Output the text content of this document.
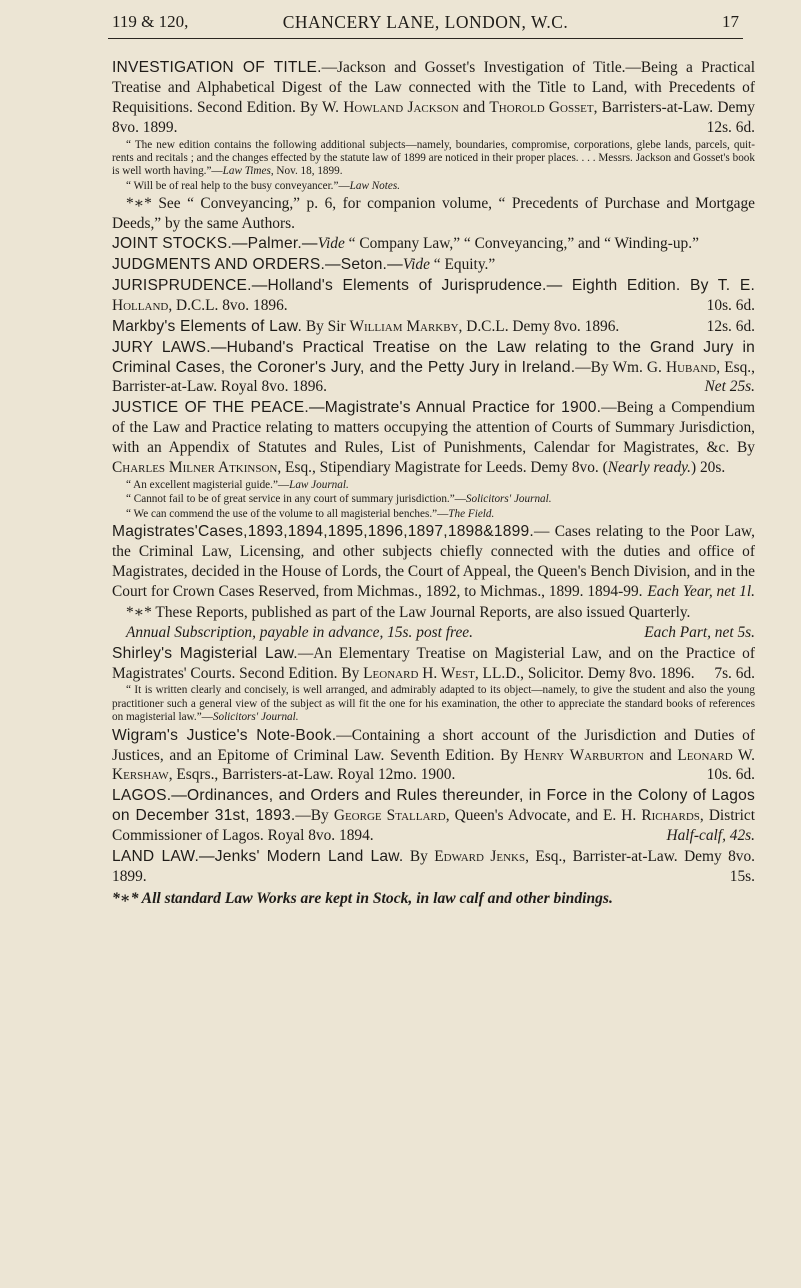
119 & 120,	CHANCERY LANE, LONDON, W.C.	17

INVESTIGATION OF TITLE.—Jackson and Gosset's Investigation of Title.—Being a Practical Treatise and Alphabetical Digest of the Law connected with the Title to Land, with Precedents of Requisitions. Second Edition. By W. Howland Jackson and Thorold Gosset, Barristers-at-Law. Demy 8vo. 1899.	12s. 6d.

“ The new edition contains the following additional subjects—namely, boundaries, compromise, corporations, glebe lands, parcels, quit-rents and recitals ; and the changes effected by the statute law of 1899 are noticed in their proper places. . . . Messrs. Jackson and Gosset's book is well worth having.”—Law Times, Nov. 18, 1899.

“ Will be of real help to the busy conveyancer.”—Law Notes.

*∗* See “ Conveyancing,” p. 6, for companion volume, “ Precedents of Purchase and Mortgage Deeds,” by the same Authors.

JOINT STOCKS.—Palmer.—Vide “ Company Law,” “ Conveyancing,” and “ Winding-up.”

JUDGMENTS AND ORDERS.—Seton.—Vide “ Equity.”

JURISPRUDENCE.—Holland's Elements of Jurisprudence.— Eighth Edition. By T. E. Holland, D.C.L. 8vo. 1896.	10s. 6d.

Markby's Elements of Law. By Sir William Markby, D.C.L. Demy 8vo. 1896.	12s. 6d.

JURY LAWS.—Huband's Practical Treatise on the Law relating to the Grand Jury in Criminal Cases, the Coroner's Jury, and the Petty Jury in Ireland.—By Wm. G. Huband, Esq., Barrister-at-Law. Royal 8vo. 1896.	Net 25s.

JUSTICE OF THE PEACE.—Magistrate's Annual Practice for 1900.—Being a Compendium of the Law and Practice relating to matters occupying the attention of Courts of Summary Jurisdiction, with an Appendix of Statutes and Rules, List of Punishments, Calendar for Magistrates, &c. By Charles Milner Atkinson, Esq., Stipendiary Magistrate for Leeds. Demy 8vo. (Nearly ready.) 20s.

“ An excellent magisterial guide.”—Law Journal.

“ Cannot fail to be of great service in any court of summary jurisdiction.”—Solicitors' Journal.

“ We can commend the use of the volume to all magisterial benches.”—The Field.

Magistrates'Cases,1893,1894,1895,1896,1897,1898&1899.— Cases relating to the Poor Law, the Criminal Law, Licensing, and other subjects chiefly connected with the duties and office of Magistrates, decided in the House of Lords, the Court of Appeal, the Queen's Bench Division, and in the Court for Crown Cases Reserved, from Michmas., 1892, to Michmas., 1899. 1894-99. Each Year, net 1l.

*∗* These Reports, published as part of the Law Journal Reports, are also issued Quarterly.
Each Part, net 5s.

Annual Subscription, payable in advance, 15s. post free.

Shirley's Magisterial Law.—An Elementary Treatise on Magisterial Law, and on the Practice of Magistrates' Courts. Second Edition. By Leonard H. West, LL.D., Solicitor. Demy 8vo. 1896. 7s. 6d.

“ It is written clearly and concisely, is well arranged, and admirably adapted to its object—namely, to give the student and also the young practitioner such a general view of the subject as will fit the one for his examination, the other to appreciate the standard books of references on magisterial law.”—Solicitors' Journal.

Wigram's Justice's Note-Book.—Containing a short account of the Jurisdiction and Duties of Justices, and an Epitome of Criminal Law. Seventh Edition. By Henry Warburton and Leonard W. Kershaw, Esqrs., Barristers-at-Law. Royal 12mo. 1900.	10s. 6d.

LAGOS.—Ordinances, and Orders and Rules thereunder, in Force in the Colony of Lagos on December 31st, 1893.—By George Stallard, Queen's Advocate, and E. H. Richards, District Commissioner of Lagos. Royal 8vo. 1894.	Half-calf, 42s.

LAND LAW.—Jenks' Modern Land Law. By Edward Jenks, Esq., Barrister-at-Law. Demy 8vo. 1899.	15s.

*∗* All standard Law Works are kept in Stock, in law calf and other bindings.
